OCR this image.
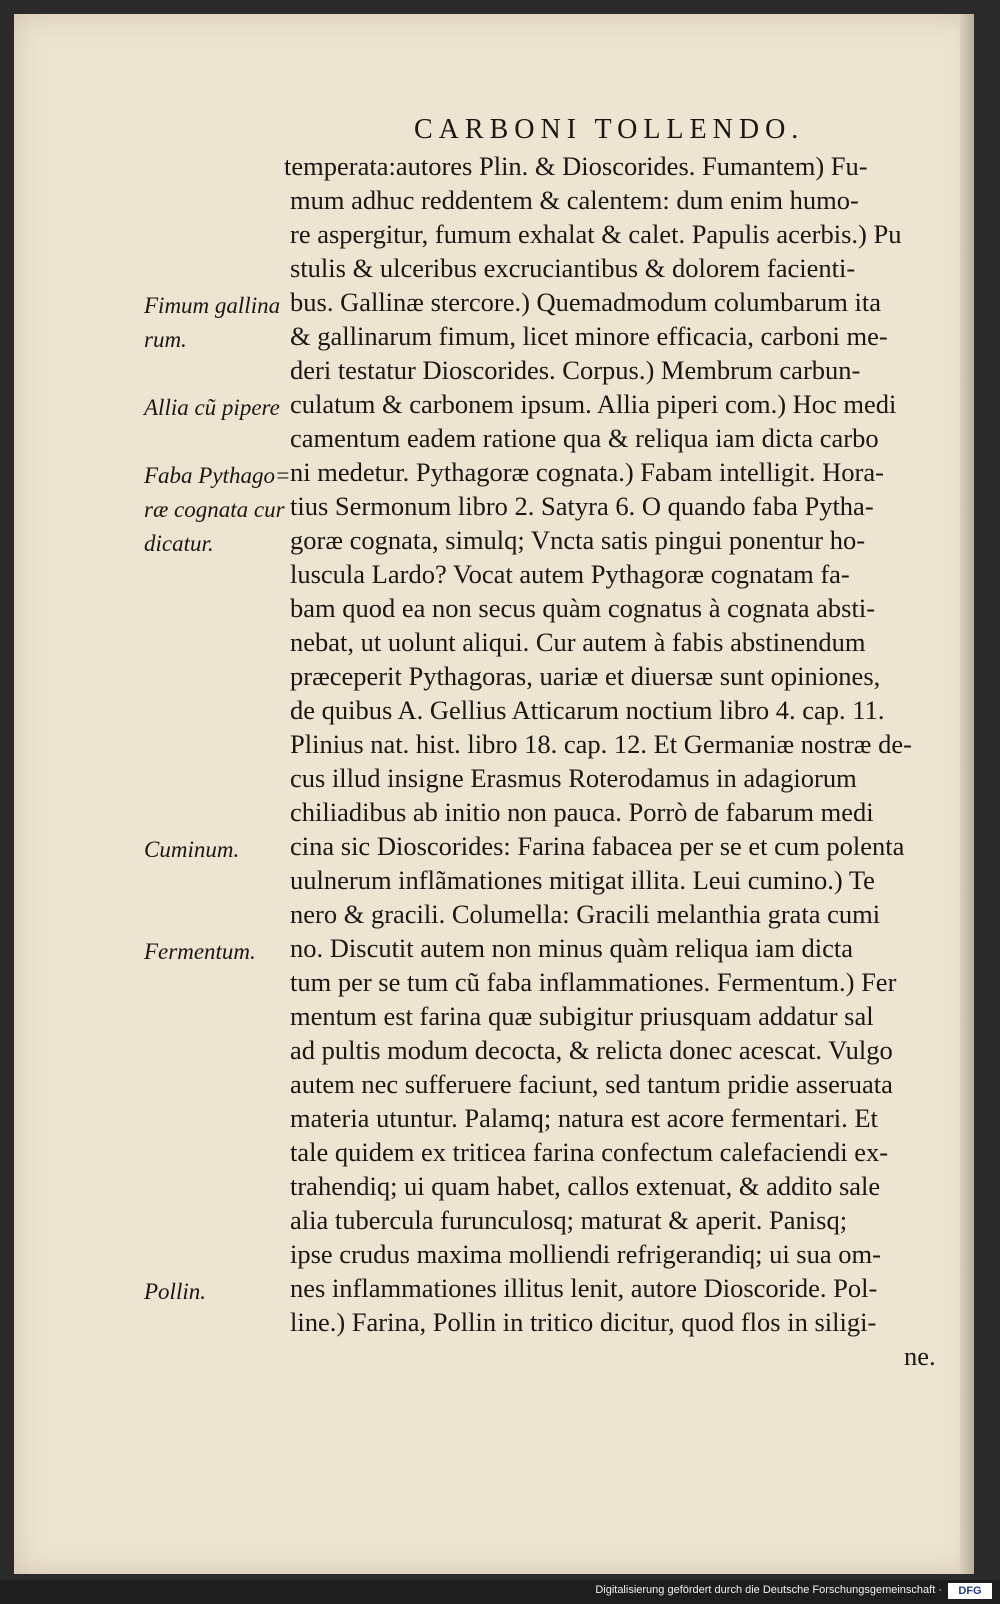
CARBONI TOLLENDO.
temperata:autores Plin. & Dioscorides. Fumantem) Fu-
mum adhuc reddentem & calentem: dum enim humo-
re aspergitur, fumum exhalat & calet. Papulis acerbis.) Pu
stulis & ulceribus excruciantibus & dolorem facienti-
bus. Gallinæ stercore.) Quemadmodum columbarum ita
& gallinarum fimum, licet minore efficacia, carboni me-
deri testatur Dioscorides. Corpus.) Membrum carbun-
culatum & carbonem ipsum. Allia piperi com.) Hoc medi
camentum eadem ratione qua & reliqua iam dicta carbo
ni medetur. Pythagoræ cognata.) Fabam intelligit. Hora-
tius Sermonum libro 2. Satyra 6. O quando faba Pytha-
goræ cognata, simulq; Vncta satis pingui ponentur ho-
lusculа Lardo? Vocat autem Pythagoræ cognatam fa-
bam quod ea non secus quàm cognatus à cognata absti-
nebat, ut uolunt aliqui. Cur autem à fabis abstinendum
præceperit Pythagoras, uariæ et diuersæ sunt opiniones,
de quibus A. Gellius Atticarum noctium libro 4. cap. 11.
Plinius nat. hist. libro 18. cap. 12. Et Germaniæ nostræ de-
cus illud insigne Erasmus Roterodamus in adagiorum
chiliadibus ab initio non pauca. Porrò de fabarum medi
cina sic Dioscorides: Farina fabacea per se et cum polenta
uulnerum inflãmationes mitigat illita. Leui cumino.) Te
nero & gracili. Columella: Gracili melanthia grata cumi
no. Discutit autem non minus quàm reliqua iam dicta
tum per se tum cũ faba inflammationes. Fermentum.) Fer
mentum est farina quæ subigitur priusquam addatur sal
ad pultis modum decocta, & relicta donec acescat. Vulgo
autem nec sufferuere faciunt, sed tantum pridie asseruata
materia utuntur. Palamq; natura est acore fermentari. Et
tale quidem ex triticea farina confectum calefaciendi ex-
trahendiq; ui quam habet, callos extenuat, & addito sale
alia tubercula furunculosq; maturat & aperit. Panisq;
ipse crudus maxima molliendi refrigerandiq; ui sua om-
nes inflammationes illitus lenit, autore Dioscoride. Pol-
line.) Farina, Pollin in tritico dicitur, quod flos in siligi-
ne.
Fimum gallina
rum.
Allia cũ pipere
Faba Pythago=
ræ cognata cur
dicatur.
Cuminum.
Fermentum.
Pollin.
Digitalisierung gefördert durch die Deutsche Forschungsgemeinschaft ·	DFG
